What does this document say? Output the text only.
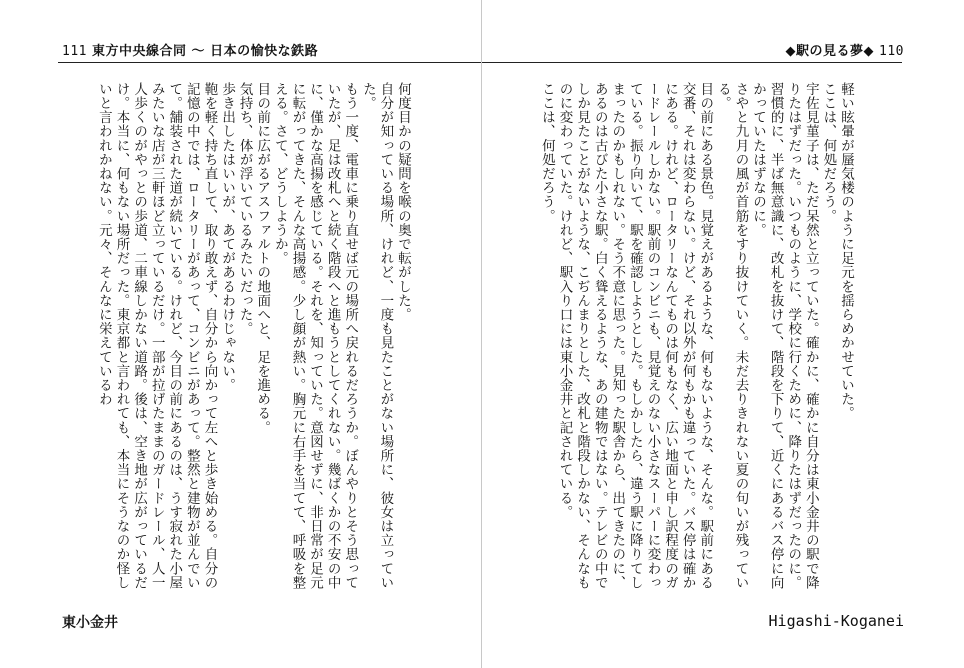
111 東方中央線合同 〜 日本の愉快な鉄路

何度目かの疑問を喉の奥で転がした。

自分が知っている場所、けれど、一度も見たことがない場所に、彼女は立っていた。

もう一度、電車に乗り直せば元の場所へ戻れるだろうか。ぼんやりとそう思っていたが、足は改札へと続く階段へと進もうとしてくれない。幾ばくかの不安の中に、僅かな高揚を感じている。それを、知っていた。意図せずに、非日常が足元に転がってきた、そんな高揚感。少し顔が熱い。胸元に右手を当てて、呼吸を整える。さて、どうしようか。

目の前に広がるアスファルトの地面へと、足を進める。

気持ち、体が浮いているみたいだった。

歩き出したはいいが、あてがあるわけじゃない。

鞄を軽く持ち直して、取り敢えず、自分から向かって左へと歩き始める。自分の記憶の中では、ロータリーがあって、コンビニがあって。整然と建物が並んでいて。舗装された道が続いている。けれど、今目の前にあるのは、うす寂れた小屋みたいな店が三軒ほど立っているだけ。一部が拉げたままのガードレール、人一人歩くのがやっとの歩道、二車線しかない道路。後は、空き地が広がっているだけ。本当に、何もない場所だった。東京都と言われても、本当にそうなのか怪しいと言われかねない。元々、そんなに栄えているわ

東小金井
◆駅の見る夢◆ 110

軽い眩暈が蜃気楼のように足元を揺らめかせていた。

ここは、何処だろう。

宇佐見菫子は、ただ呆然と立っていた。確かに、確かに自分は東小金井の駅で降りたはずだった。いつものように、学校に行くために、降りたはずだったのに。習慣的に、半ば無意識に、改札を抜けて、階段を下りて、近くにあるバス停に向かっていたはずなのに。

さやと九月の風が首筋をすり抜けていく。未だ去りきれない夏の句いが残っている。

目の前にある景色。見覚えがあるような、何もないような、そんな。駅前にある交番、それは変わらない。けど、それ以外が何もかも違っていた。バス停は確かにある。けれど、ロータリーなんてものは何もなく、広い地面と申し訳程度のガードレールしかない。駅前のコンビニも、見覚えのない小さなスーパーに変わっている。振り向いて、駅を確認しようとした。もしかしたら、違う駅に降りてしまったのかもしれない。そう不意に思った。見知った駅舎から、出てきたのに、あるのは古びた小さな駅。白く聳えるような、あの建物ではない。テレビの中でしか見たことがないような、こぢんまりとした、改札と階段しかない、そんなものに変わっていた。けれど、駅入り口には東小金井と記されている。

ここは、何処だろう。

Higashi-Koganei
